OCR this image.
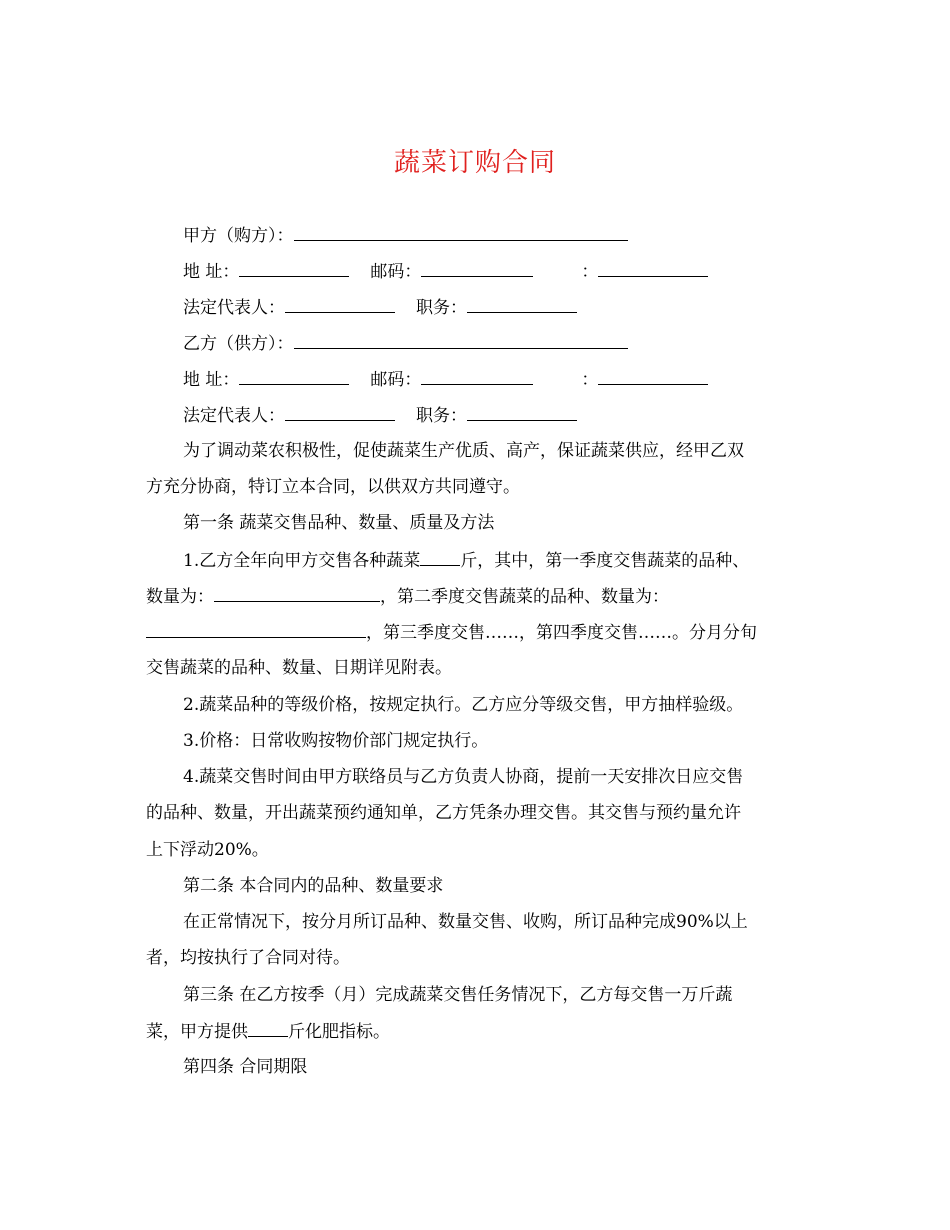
蔬菜订购合同
甲方（购方）：
地 址：	邮码：	：
法定代表人：	职务：
乙方（供方）：
地 址：	邮码：	：
法定代表人：	职务：
为了调动菜农积极性，促使蔬菜生产优质、高产，保证蔬菜供应，经甲乙双
方充分协商，特订立本合同，以供双方共同遵守。
第一条 蔬菜交售品种、数量、质量及方法
1.乙方全年向甲方交售各种蔬菜 斤，其中，第一季度交售蔬菜的品种、
数量为：	，第二季度交售蔬菜的品种、数量为：
，第三季度交售……，第四季度交售……。分月分旬
交售蔬菜的品种、数量、日期详见附表。
2.蔬菜品种的等级价格，按规定执行。乙方应分等级交售，甲方抽样验级。
3.价格：日常收购按物价部门规定执行。
4.蔬菜交售时间由甲方联络员与乙方负责人协商，提前一天安排次日应交售
的品种、数量，开出蔬菜预约通知单，乙方凭条办理交售。其交售与预约量允许
上下浮动20%。
第二条 本合同内的品种、数量要求
在正常情况下，按分月所订品种、数量交售、收购，所订品种完成90%以上
者，均按执行了合同对待。
第三条 在乙方按季（月）完成蔬菜交售任务情况下，乙方每交售一万斤蔬
菜，甲方提供 斤化肥指标。
第四条 合同期限
